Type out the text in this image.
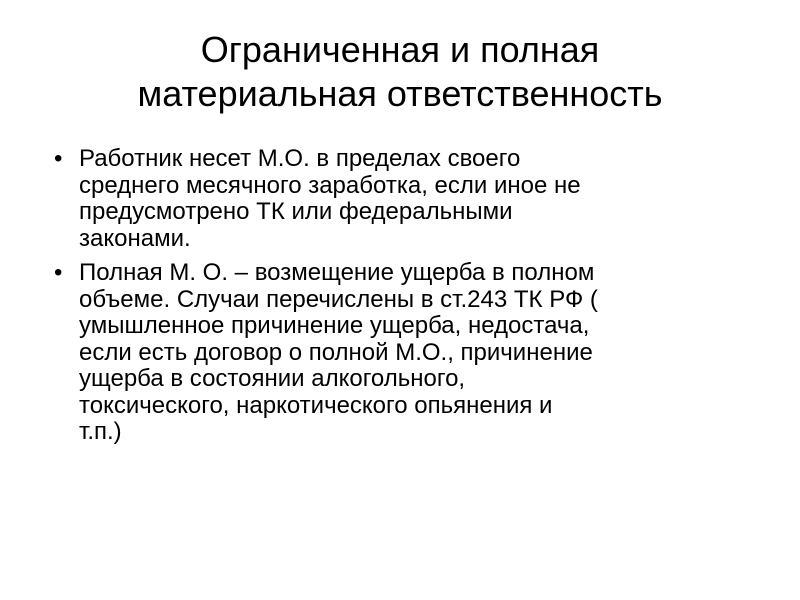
Ограниченная и полная
материальная ответственность
• Работник несет М.О. в пределах своего
среднего месячного заработка, если иное не
предусмотрено ТК или федеральными
законами.
• Полная М. О. – возмещение ущерба в полном
объеме. Случаи перечислены в ст.243 ТК РФ (
умышленное причинение ущерба, недостача,
если есть договор о полной М.О., причинение
ущерба в состоянии алкогольного,
токсического, наркотического опьянения и
т.п.)
